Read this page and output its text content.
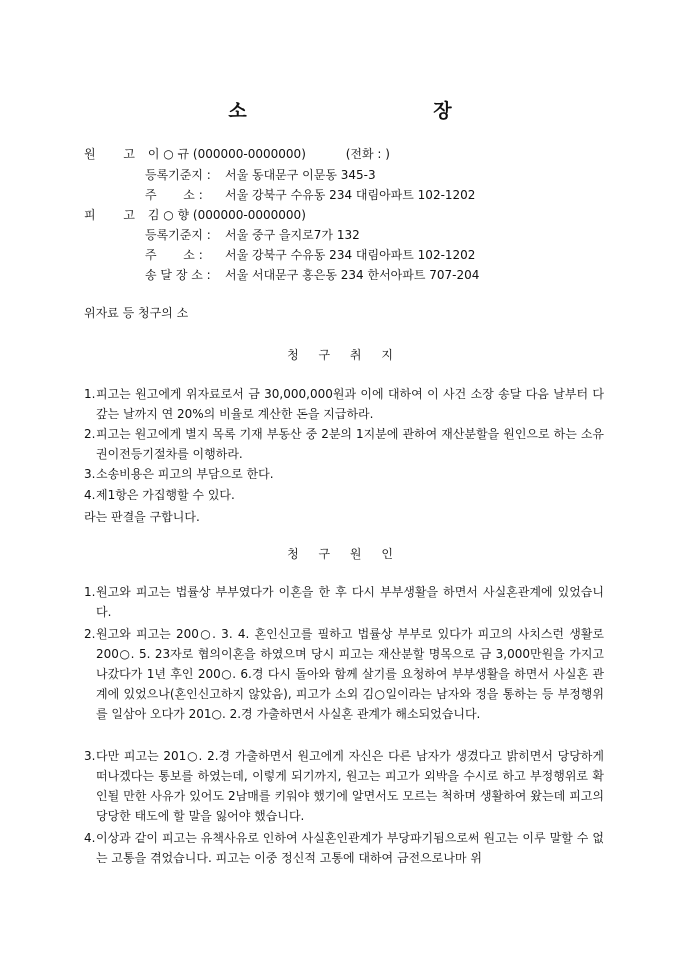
소 장
원 고 이 ○ 규 (000000-0000000)	(전화 : )
등록기준지 : 서울 동대문구 이문동 345-3
주       소 : 서울 강북구 수유동 234 대림아파트 102-1202
피 고 김 ○ 향 (000000-0000000)
등록기준지 : 서울 중구 을지로7가 132
주       소 : 서울 강북구 수유동 234 대림아파트 102-1202
송 달 장 소 : 서울 서대문구 홍은동 234 한서아파트 707-204
위자료 등 청구의 소
청 구 취 지
1. 피고는 원고에게 위자료로서 금 30,000,000원과 이에 대하여 이 사건 소장 송달 다음 날부터 다 갚는 날까지 연 20%의 비율로 계산한 돈을 지급하라.
2. 피고는 원고에게 별지 목록 기재 부동산 중 2분의 1지분에 관하여 재산분할을 원인으로 하는 소유권이전등기절차를 이행하라.
3. 소송비용은 피고의 부담으로 한다.
4. 제1항은 가집행할 수 있다.
라는 판결을 구합니다.
청 구 원 인
1. 원고와 피고는 법률상 부부였다가 이혼을 한 후 다시 부부생활을 하면서 사실혼관계에 있었습니다.
2. 원고와 피고는 200○. 3. 4. 혼인신고를 필하고 법률상 부부로 있다가 피고의 사치스런 생활로 200○. 5. 23자로 협의이혼을 하였으며 당시 피고는 재산분할 명목으로 금 3,000만원을 가지고 나갔다가 1년 후인 200○. 6.경 다시 돌아와 함께 살기를 요청하여 부부생활을 하면서 사실혼 관계에 있었으나(혼인신고하지 않았음), 피고가 소외 김○일이라는 남자와 정을 통하는 등 부정행위를 일삼아 오다가 201○. 2.경 가출하면서 사실혼 관계가 해소되었습니다.
3. 다만 피고는 201○. 2.경 가출하면서 원고에게 자신은 다른 남자가 생겼다고 밝히면서 당당하게 떠나겠다는 통보를 하였는데, 이렇게 되기까지, 원고는 피고가 외박을 수시로 하고 부정행위로 확인될 만한 사유가 있어도 2남매를 키워야 했기에 알면서도 모르는 척하며 생활하여 왔는데 피고의 당당한 태도에 할 말을 잃어야 했습니다.
4. 이상과 같이 피고는 유책사유로 인하여 사실혼인관계가 부당파기됨으로써 원고는 이루 말할 수 없는 고통을 겪었습니다. 피고는 이중 정신적 고통에 대하여 금전으로나마 위
